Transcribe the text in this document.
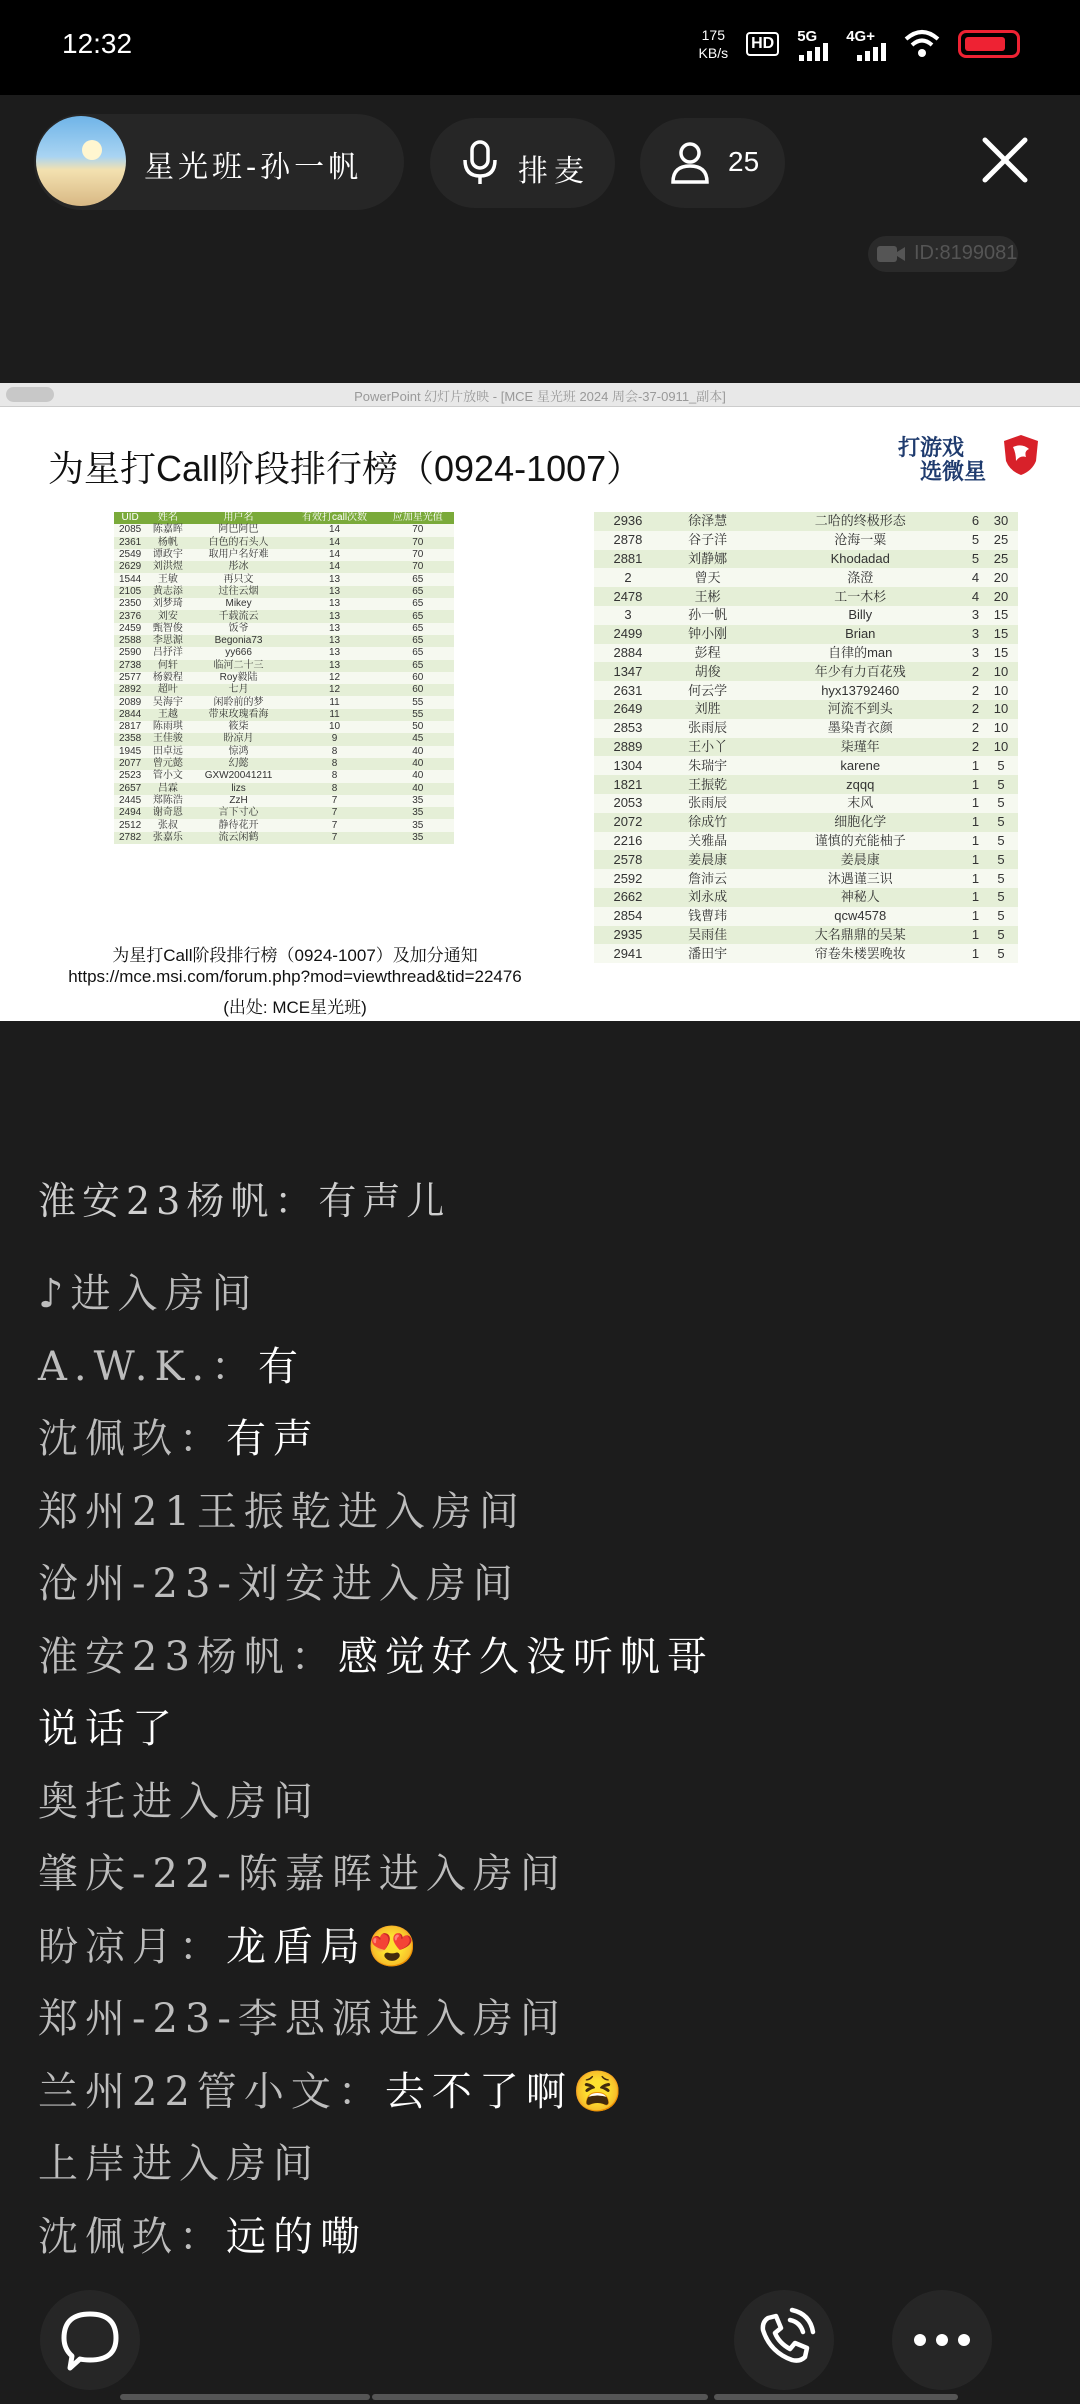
12:32	175
KB/s
HD	5G 4G+
星光班-孙一帆	排麦	25
ID:8199081
PowerPoint 幻灯片放映 - [MCE 星光班 2024 周会-37-0911_副本]
为星打Call阶段排行榜（0924-1007）	打游戏
选微星
UID	姓名	用户名	有效打call次数	应加星光值
2085	陈嘉晖	阿巴阿巴	14	70
2361	杨帆	白色的石头人	14	70
2549	谭政宇	取用户名好难	14	70
2629	刘洪煜	彤冰	14	70
1544	王敏	再只文	13	65
2105	黄志添	过往云烟	13	65
2350	刘梦琦	Mikey	13	65
2376	刘安	千载流云	13	65
2459	甄智俊	饭爷	13	65
2588	李思源	Begonia73	13	65
2590	吕抒洋	yy666	13	65
2738	何轩	临河二十三	13	65
2577	杨毅程	Roy毅陆	12	60
2892	超叶	七月	12	60
2089	吴海宇	闲聆前的梦	11	55
2844	王越	带束玫瑰看海	11	55
2817	陈雨琪	筱柒	10	50
2358	王佳骏	盼凉月	9	45
1945	田卓远	惊鸿	8	40
2077	曾元懿	幻懿	8	40
2523	管小文	GXW20041211	8	40
2657	吕霖	lizs	8	40
2445	郑陈浩	ZzH	7	35
2494	谢奇恩	言下寸心	7	35
2512	张叔	静待花开	7	35
2782	张嘉乐	流云闲鹤	7	35
2936	徐泽慧	二哈的终极形态	6	30
2878	谷子洋	沧海一粟	5	25
2881	刘静娜	Khodadad	5	25
2	曾天	涤澄	4	20
2478	王彬	工一木杉	4	20
3	孙一帆	Billy	3	15
2499	钟小刚	Brian	3	15
2884	彭程	自律的man	3	15
1347	胡俊	年少有力百花残	2	10
2631	何云学	hyx13792460	2	10
2649	刘胜	河流不到头	2	10
2853	张雨辰	墨染青衣颜	2	10
2889	王小丫	柒瑾年	2	10
1304	朱瑞宇	karene	1	5
1821	王振乾	zqqq	1	5
2053	张雨辰	末风	1	5
2072	徐成竹	细胞化学	1	5
2216	关雅晶	谨慎的充能柚子	1	5
2578	姜晨康	姜晨康	1	5
2592	詹沛云	沐遇谨三识	1	5
2662	刘永成	神秘人	1	5
2854	钱曹玮	qcw4578	1	5
2935	吴雨佳	大名鼎鼎的吴某	1	5
2941	潘田宇	帘卷朱楼罢晚妆	1	5
为星打Call阶段排行榜（0924-1007）及加分通知
https://mce.msi.com/forum.php?mod=viewthread&tid=22476
(出处: MCE星光班)
淮安23杨帆：有声儿
♪进入房间
A.W.K.：有
沈佩玖：有声
郑州21王振乾进入房间
沧州-23-刘安进入房间
淮安23杨帆：感觉好久没听帆哥
说话了
奥托进入房间
肇庆-22-陈嘉晖进入房间
盼凉月：龙盾局😍
郑州-23-李思源进入房间
兰州22管小文：去不了啊😫
上岸进入房间
沈佩玖：远的嘞
